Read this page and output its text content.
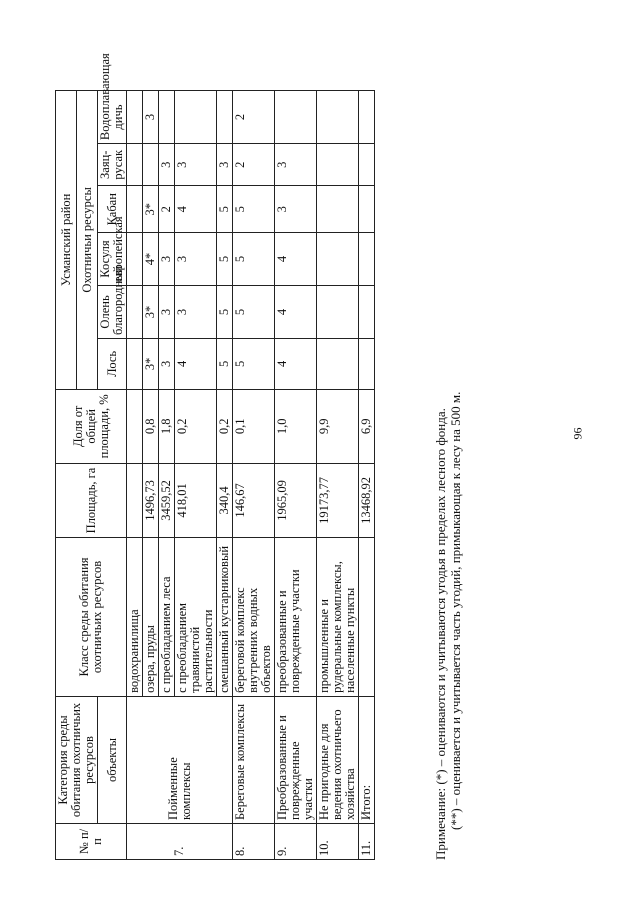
№ п/п	Категория среды обитания охотничьих ресурсов	Класс среды обитания охотничьих ресурсов	Площадь, га	Доля от общей площади, %	Усманский район					
					Охотничьи ресурсы					
	объекты				Лось	Олень благородный	Косуля европейская	Кабан	Заяц-русак	Водоплавающая дичь
7.	Пойменные комплексы	водохранилища								
		озера, пруды	1496,73	0,8	3*	3*	4*	3*		3
		с преобладанием леса	3459,52	1,8	3	3	3	2	3	
		с преобладанием травянистой растительности	418,01	0,2	4	3	3	4	3	
		смешанный кустарниковый	340,4	0,2	5	5	5	5	3	
8.	Береговые комплексы	береговой комплекс внутренних водных объектов	146,67	0,1	5	5	5	5	2	2
9.	Преобразованные и поврежденные участки	преобразованные и поврежденные участки	1965,09	1,0	4	4	4	3	3	
10.	Не пригодные для ведения охотничьего хозяйства	промышленные и рудеральные комплексы, населенные пункты	19173,77	9,9						
11.	Итого:		13468,92	6,9							Примечание: (*) – оцениваются и учитываются угодья в пределах лесного фонда. (**) – оценивается и учитывается часть угодий, примыкающая к лесу на 500 м.	96
